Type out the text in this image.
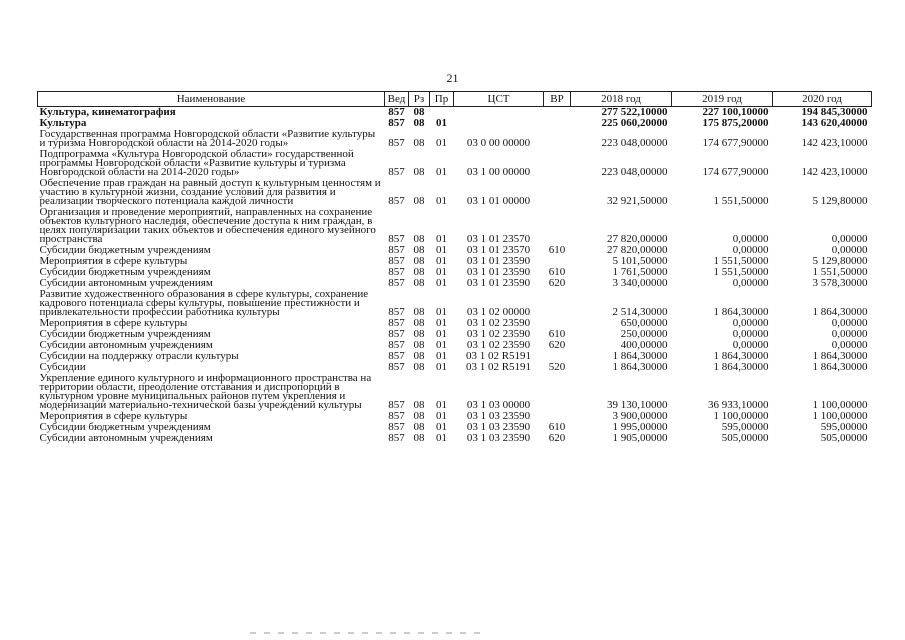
21
Наименование	Вед	Рз	Пр	ЦСТ	ВР	2018 год	2019 год	2020 год
Культура, кинематография	857	08				277 522,10000	227 100,10000	194 845,30000
Культура	857	08	01			225 060,20000	175 875,20000	143 620,40000
Государственная программа Новгородской области «Развитие культуры и туризма Новгородской области на 2014-2020 годы»	857	08	01	03 0 00 00000		223 048,00000	174 677,90000	142 423,10000
Подпрограмма «Культура Новгородской области» государственной программы Новгородской области «Развитие культуры и туризма Новгородской области на 2014-2020 годы»	857	08	01	03 1 00 00000		223 048,00000	174 677,90000	142 423,10000
Обеспечение прав граждан на равный доступ к культурным ценностям и участию в культурной жизни, создание условий для развития и реализации творческого потенциала каждой личности	857	08	01	03 1 01 00000		32 921,50000	1 551,50000	5 129,80000
Организация и проведение мероприятий, направленных на сохранение объектов культурного наследия, обеспечение доступа к ним граждан, в целях популяризации таких объектов и обеспечения единого музейного пространства	857	08	01	03 1 01 23570		27 820,00000	0,00000	0,00000
Субсидии бюджетным учреждениям	857	08	01	03 1 01 23570	610	27 820,00000	0,00000	0,00000
Мероприятия в сфере культуры	857	08	01	03 1 01 23590		5 101,50000	1 551,50000	5 129,80000
Субсидии бюджетным учреждениям	857	08	01	03 1 01 23590	610	1 761,50000	1 551,50000	1 551,50000
Субсидии автономным учреждениям	857	08	01	03 1 01 23590	620	3 340,00000	0,00000	3 578,30000
Развитие художественного образования в сфере культуры, сохранение кадрового потенциала сферы культуры, повышение престижности и привлекательности профессии работника культуры	857	08	01	03 1 02 00000		2 514,30000	1 864,30000	1 864,30000
Мероприятия в сфере культуры	857	08	01	03 1 02 23590		650,00000	0,00000	0,00000
Субсидии бюджетным учреждениям	857	08	01	03 1 02 23590	610	250,00000	0,00000	0,00000
Субсидии автономным учреждениям	857	08	01	03 1 02 23590	620	400,00000	0,00000	0,00000
Субсидии на поддержку отрасли культуры	857	08	01	03 1 02 R5191		1 864,30000	1 864,30000	1 864,30000
Субсидии	857	08	01	03 1 02 R5191	520	1 864,30000	1 864,30000	1 864,30000
Укрепление единого культурного и информационного пространства на территории области, преодоление отставания и диспропорций в культурном уровне муниципальных районов путем укрепления и модернизации материально-технической базы учреждений культуры	857	08	01	03 1 03 00000		39 130,10000	36 933,10000	1 100,00000
Мероприятия в сфере культуры	857	08	01	03 1 03 23590		3 900,00000	1 100,00000	1 100,00000
Субсидии бюджетным учреждениям	857	08	01	03 1 03 23590	610	1 995,00000	595,00000	595,00000
Субсидии автономным учреждениям	857	08	01	03 1 03 23590	620	1 905,00000	505,00000	505,00000
